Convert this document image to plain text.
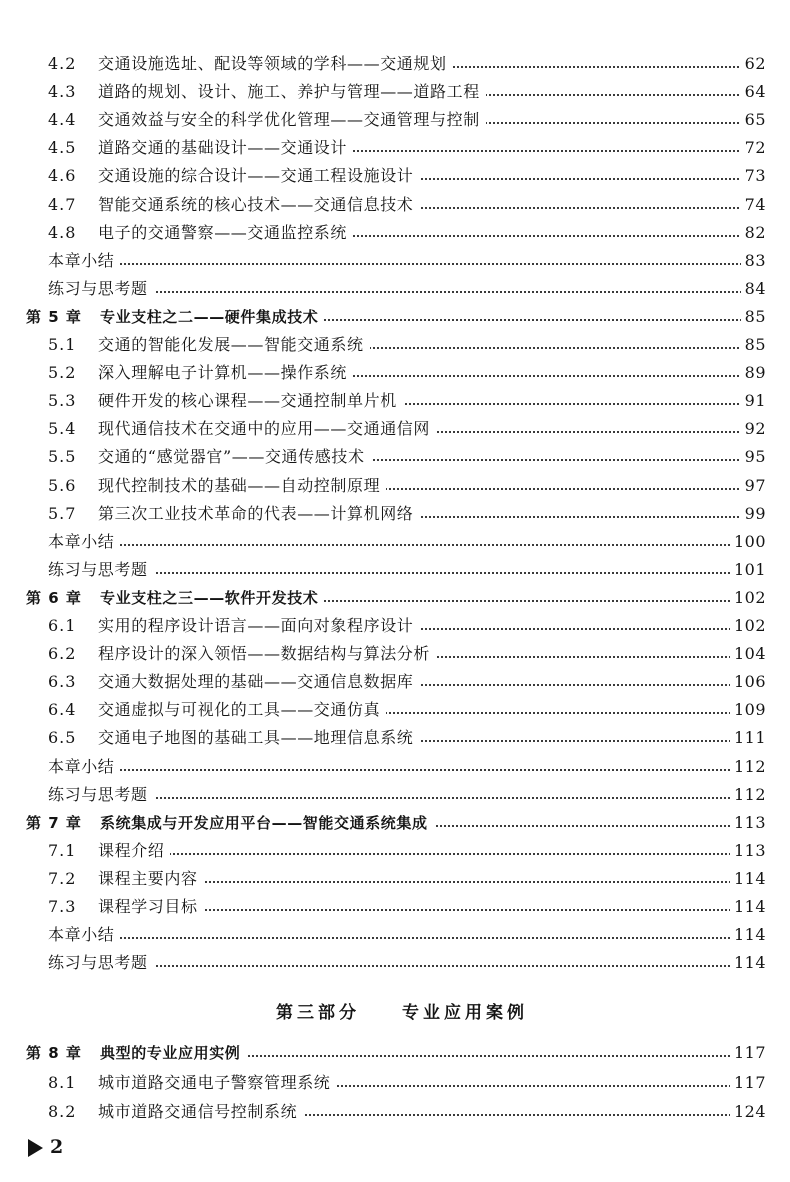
4.2 交通设施选址、配设等领域的学科——交通规划	62
4.3 道路的规划、设计、施工、养护与管理——道路工程	64
4.4 交通效益与安全的科学优化管理——交通管理与控制	65
4.5 道路交通的基础设计——交通设计	72
4.6 交通设施的综合设计——交通工程设施设计	73
4.7 智能交通系统的核心技术——交通信息技术	74
4.8 电子的交通警察——交通监控系统	82
本章小结	83
练习与思考题	84
第 5 章 专业支柱之二——硬件集成技术	85
5.1 交通的智能化发展——智能交通系统	85
5.2 深入理解电子计算机——操作系统	89
5.3 硬件开发的核心课程——交通控制单片机	91
5.4 现代通信技术在交通中的应用——交通通信网	92
5.5 交通的“感觉器官”——交通传感技术	95
5.6 现代控制技术的基础——自动控制原理	97
5.7 第三次工业技术革命的代表——计算机网络	99
本章小结	100
练习与思考题	101
第 6 章 专业支柱之三——软件开发技术	102
6.1 实用的程序设计语言——面向对象程序设计	102
6.2 程序设计的深入领悟——数据结构与算法分析	104
6.3 交通大数据处理的基础——交通信息数据库	106
6.4 交通虚拟与可视化的工具——交通仿真	109
6.5 交通电子地图的基础工具——地理信息系统	111
本章小结	112
练习与思考题	112
第 7 章 系统集成与开发应用平台——智能交通系统集成	113
7.1 课程介绍	113
7.2 课程主要内容	114
7.3 课程学习目标	114
本章小结	114
练习与思考题	114
第三部分　　专业应用案例
第 8 章 典型的专业应用实例	117
8.1 城市道路交通电子警察管理系统	117
8.2 城市道路交通信号控制系统	124
2
